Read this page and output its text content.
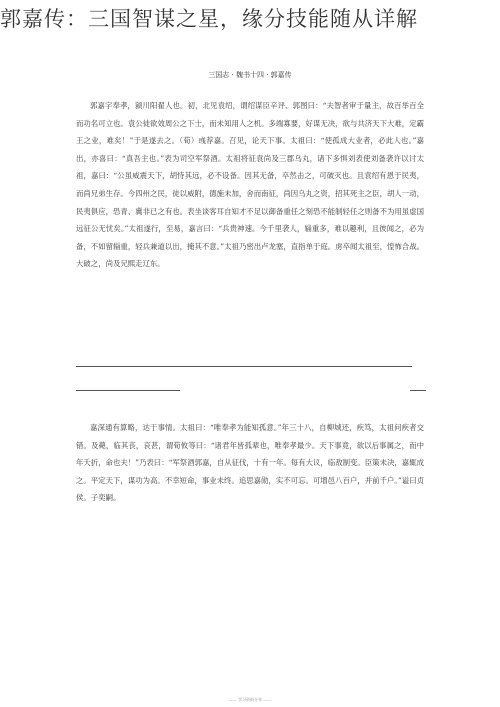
郭嘉传：三国智谋之星，缘分技能随从详解
三国志 · 魏书十四 · 郭嘉传

郭嘉字奉孝，颍川阳翟人也。初，北见袁绍，谓绍谋臣辛评、郭图曰：“夫智者审于量主，故百举百全而功名可立也。袁公徒欲效周公之下士，而未知用人之机。多端寡要，好谋无决，欲与共济天下大难，定霸王之业，难矣！”于是遂去之。（荀）彧荐嘉。召见，论天下事。太祖曰：“使孤成大业者，必此人也。”嘉出，亦喜曰：“真吾主也。”表为司空军祭酒。太祖将征袁尚及三郡乌丸，诸下多惧刘表使刘备袭许以讨太祖，嘉曰：“公虽威震天下，胡恃其远，必不设备。因其无备，卒然击之，可破灭也。且袁绍有恩于民夷，而尚兄弟生存。今四州之民，徒以威附，德施未加，舍而南征，尚因乌丸之资，招其死主之臣，胡人一动，民夷俱应，恐青、冀非已之有也。表坐谈客耳自知才不足以御备重任之刻恐不能制轻任之则备不为用虽虚国远征公无忧矣。”太祖遂行，至易，嘉言曰：“兵贵神速。今千里袭人，辎重多，难以趣利，且彼闻之，必为备，不如留辎重，轻兵兼道以出，掩其不意。”太祖乃密出卢龙塞，直指单于庭。虏卒闻太祖至，惶怖合战。大破之，尚及兄熙走辽东。

嘉深通有算略，达于事情。太祖曰：“唯奉孝为能知孤意。”年三十八，自柳城还，疾笃，太祖问疾者交错。及薨，临其丧，哀甚，谓荀攸等曰：“诸君年皆孤辈也，唯奉孝最少。天下事竟，欲以后事属之，而中年夭折，命也夫！”乃表曰：“军祭酒郭嘉，自从征伐，十有一年。每有大议，临敌制变。臣策未决，嘉辄成之。平定天下，谋功为高。不幸短命，事业未终。追思嘉勋，实不可忘。可增邑八百户，并前千户。”谥曰贞侯。子奕嗣。

—— 学习资料分享 ——
